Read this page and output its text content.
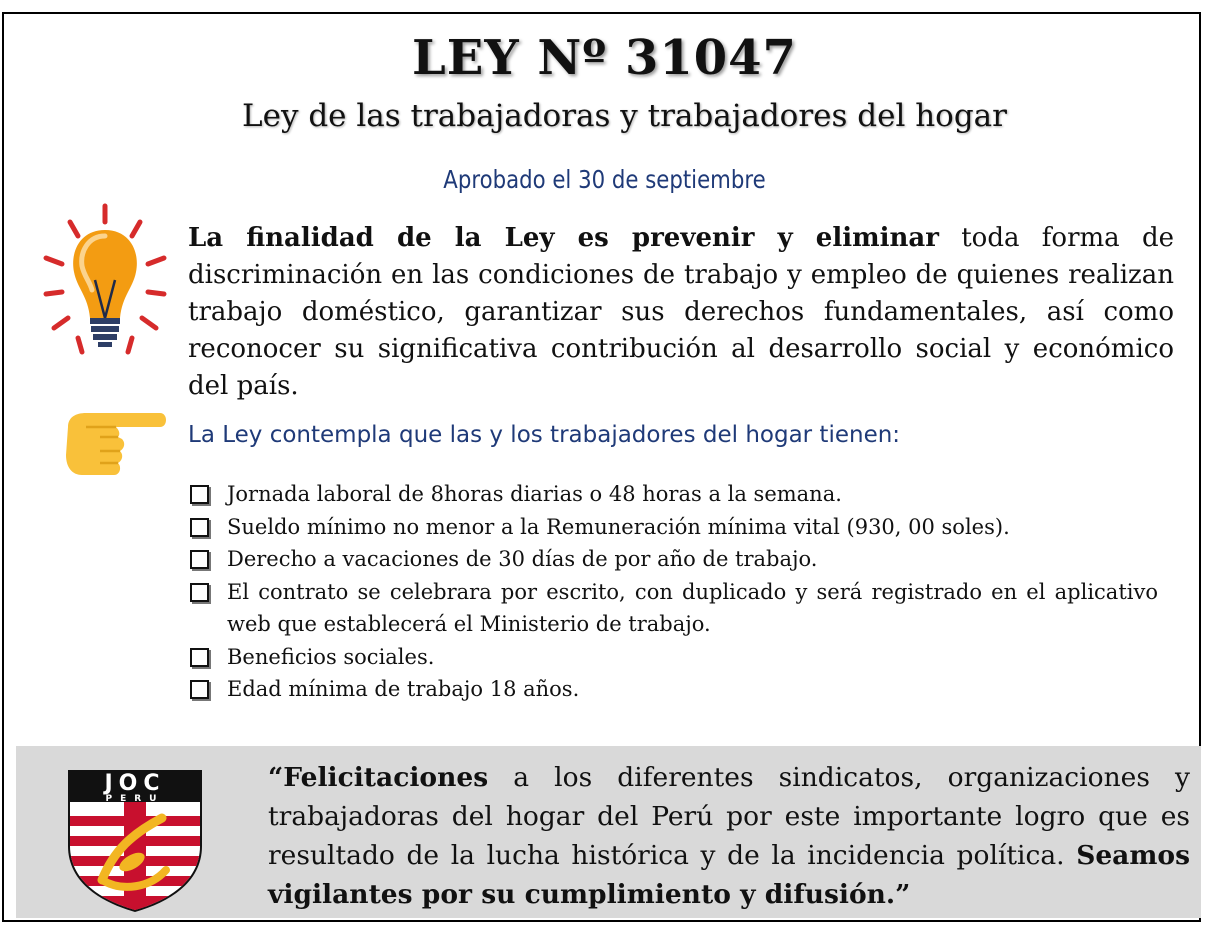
LEY Nº 31047
Ley de las trabajadoras y trabajadores del hogar
Aprobado el 30 de septiembre
La finalidad de la Ley es prevenir y eliminar toda forma de discriminación en las condiciones de trabajo y empleo de quienes realizan trabajo doméstico, garantizar sus derechos fundamentales, así como reconocer su significativa contribución al desarrollo social y económico del país.
La Ley contempla que las y los trabajadores del hogar tienen:
Jornada laboral de 8horas diarias o 48 horas a la semana.
Sueldo mínimo no menor a la Remuneración mínima vital (930, 00 soles).
Derecho a vacaciones de 30 días de por año de trabajo.
El contrato se celebrara por escrito, con duplicado y será registrado en el aplicativo web que establecerá el Ministerio de trabajo.
Beneficios sociales.
Edad mínima de trabajo 18 años.
JOC
PERU
“Felicitaciones a los diferentes sindicatos, organizaciones y trabajadoras del hogar del Perú por este importante logro que es resultado de la lucha histórica y de la incidencia política. Seamos vigilantes por su cumplimiento y difusión.”
